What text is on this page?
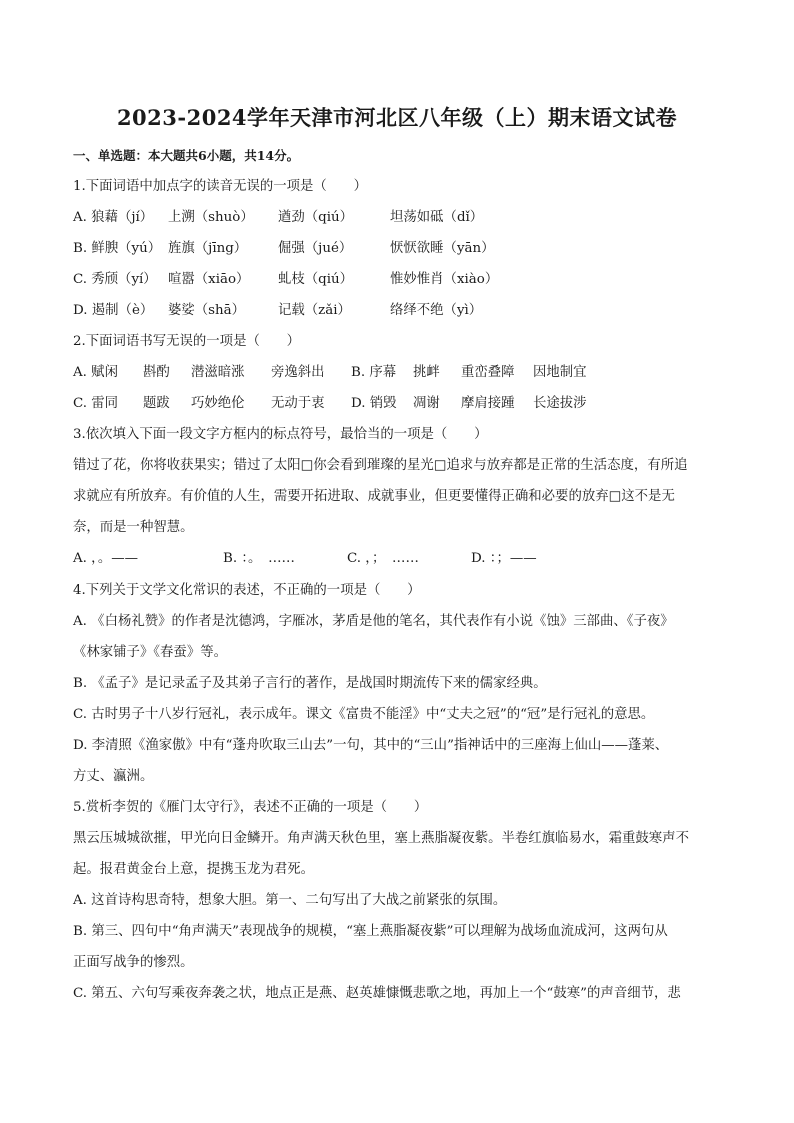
2023-2024学年天津市河北区八年级（上）期末语文试卷
一、单选题：本大题共6小题，共14分。
1.下面词语中加点字的读音无误的一项是（　　）
A. 狼藉（jí） 上溯（shuò） 遒劲（qiú）	坦荡如砥（dǐ）
B. 鲜腴（yú） 旌旗（jīng） 倔强（jué）	恹恹欲睡（yān）
C. 秀颀（yí） 喧嚣（xiāo） 虬枝（qiú）	惟妙惟肖（xiào）
D. 遏制（è） 婆娑（shā） 记载（zǎi）	络绎不绝（yì）
2.下面词语书写无误的一项是（　　）
A. 赋闲 斟酌 潜滋暗涨 旁逸斜出 B. 序幕 挑衅 重峦叠障 因地制宜
C. 雷同 题跋 巧妙绝伦 无动于衷 D. 销毁 凋谢 摩肩接踵 长途拔涉
3.依次填入下面一段文字方框内的标点符号，最恰当的一项是（　　）
错过了花，你将收获果实；错过了太阳□你会看到璀璨的星光□追求与放弃都是正常的生活态度，有所追
求就应有所放弃。有价值的人生，需要开拓进取、成就事业，但更要懂得正确和必要的放弃□这不是无
奈，而是一种智慧。
A. ，。——	B. ：。　……	C. ，；　……	D. ：；——
4.下列关于文学文化常识的表述，不正确的一项是（　　）
A. 《白杨礼赞》的作者是沈德鸿，字雁冰，茅盾是他的笔名，其代表作有小说《蚀》三部曲、《子夜》
《林家铺子》《春蚕》等。
B. 《孟子》是记录孟子及其弟子言行的著作，是战国时期流传下来的儒家经典。
C. 古时男子十八岁行冠礼，表示成年。课文《富贵不能淫》中“丈夫之冠”的“冠”是行冠礼的意思。
D. 李清照《渔家傲》中有“蓬舟吹取三山去”一句，其中的“三山”指神话中的三座海上仙山——蓬莱、
方丈、瀛洲。
5.赏析李贺的《雁门太守行》，表述不正确的一项是（　　）
黑云压城城欲摧，甲光向日金鳞开。角声满天秋色里，塞上燕脂凝夜紫。半卷红旗临易水，霜重鼓寒声不
起。报君黄金台上意，提携玉龙为君死。
A. 这首诗构思奇特，想象大胆。第一、二句写出了大战之前紧张的氛围。
B. 第三、四句中“角声满天”表现战争的规模，“塞上燕脂凝夜紫”可以理解为战场血流成河，这两句从
正面写战争的惨烈。
C. 第五、六句写乘夜奔袭之状，地点正是燕、赵英雄慷慨悲歌之地，再加上一个“鼓寒”的声音细节，悲
